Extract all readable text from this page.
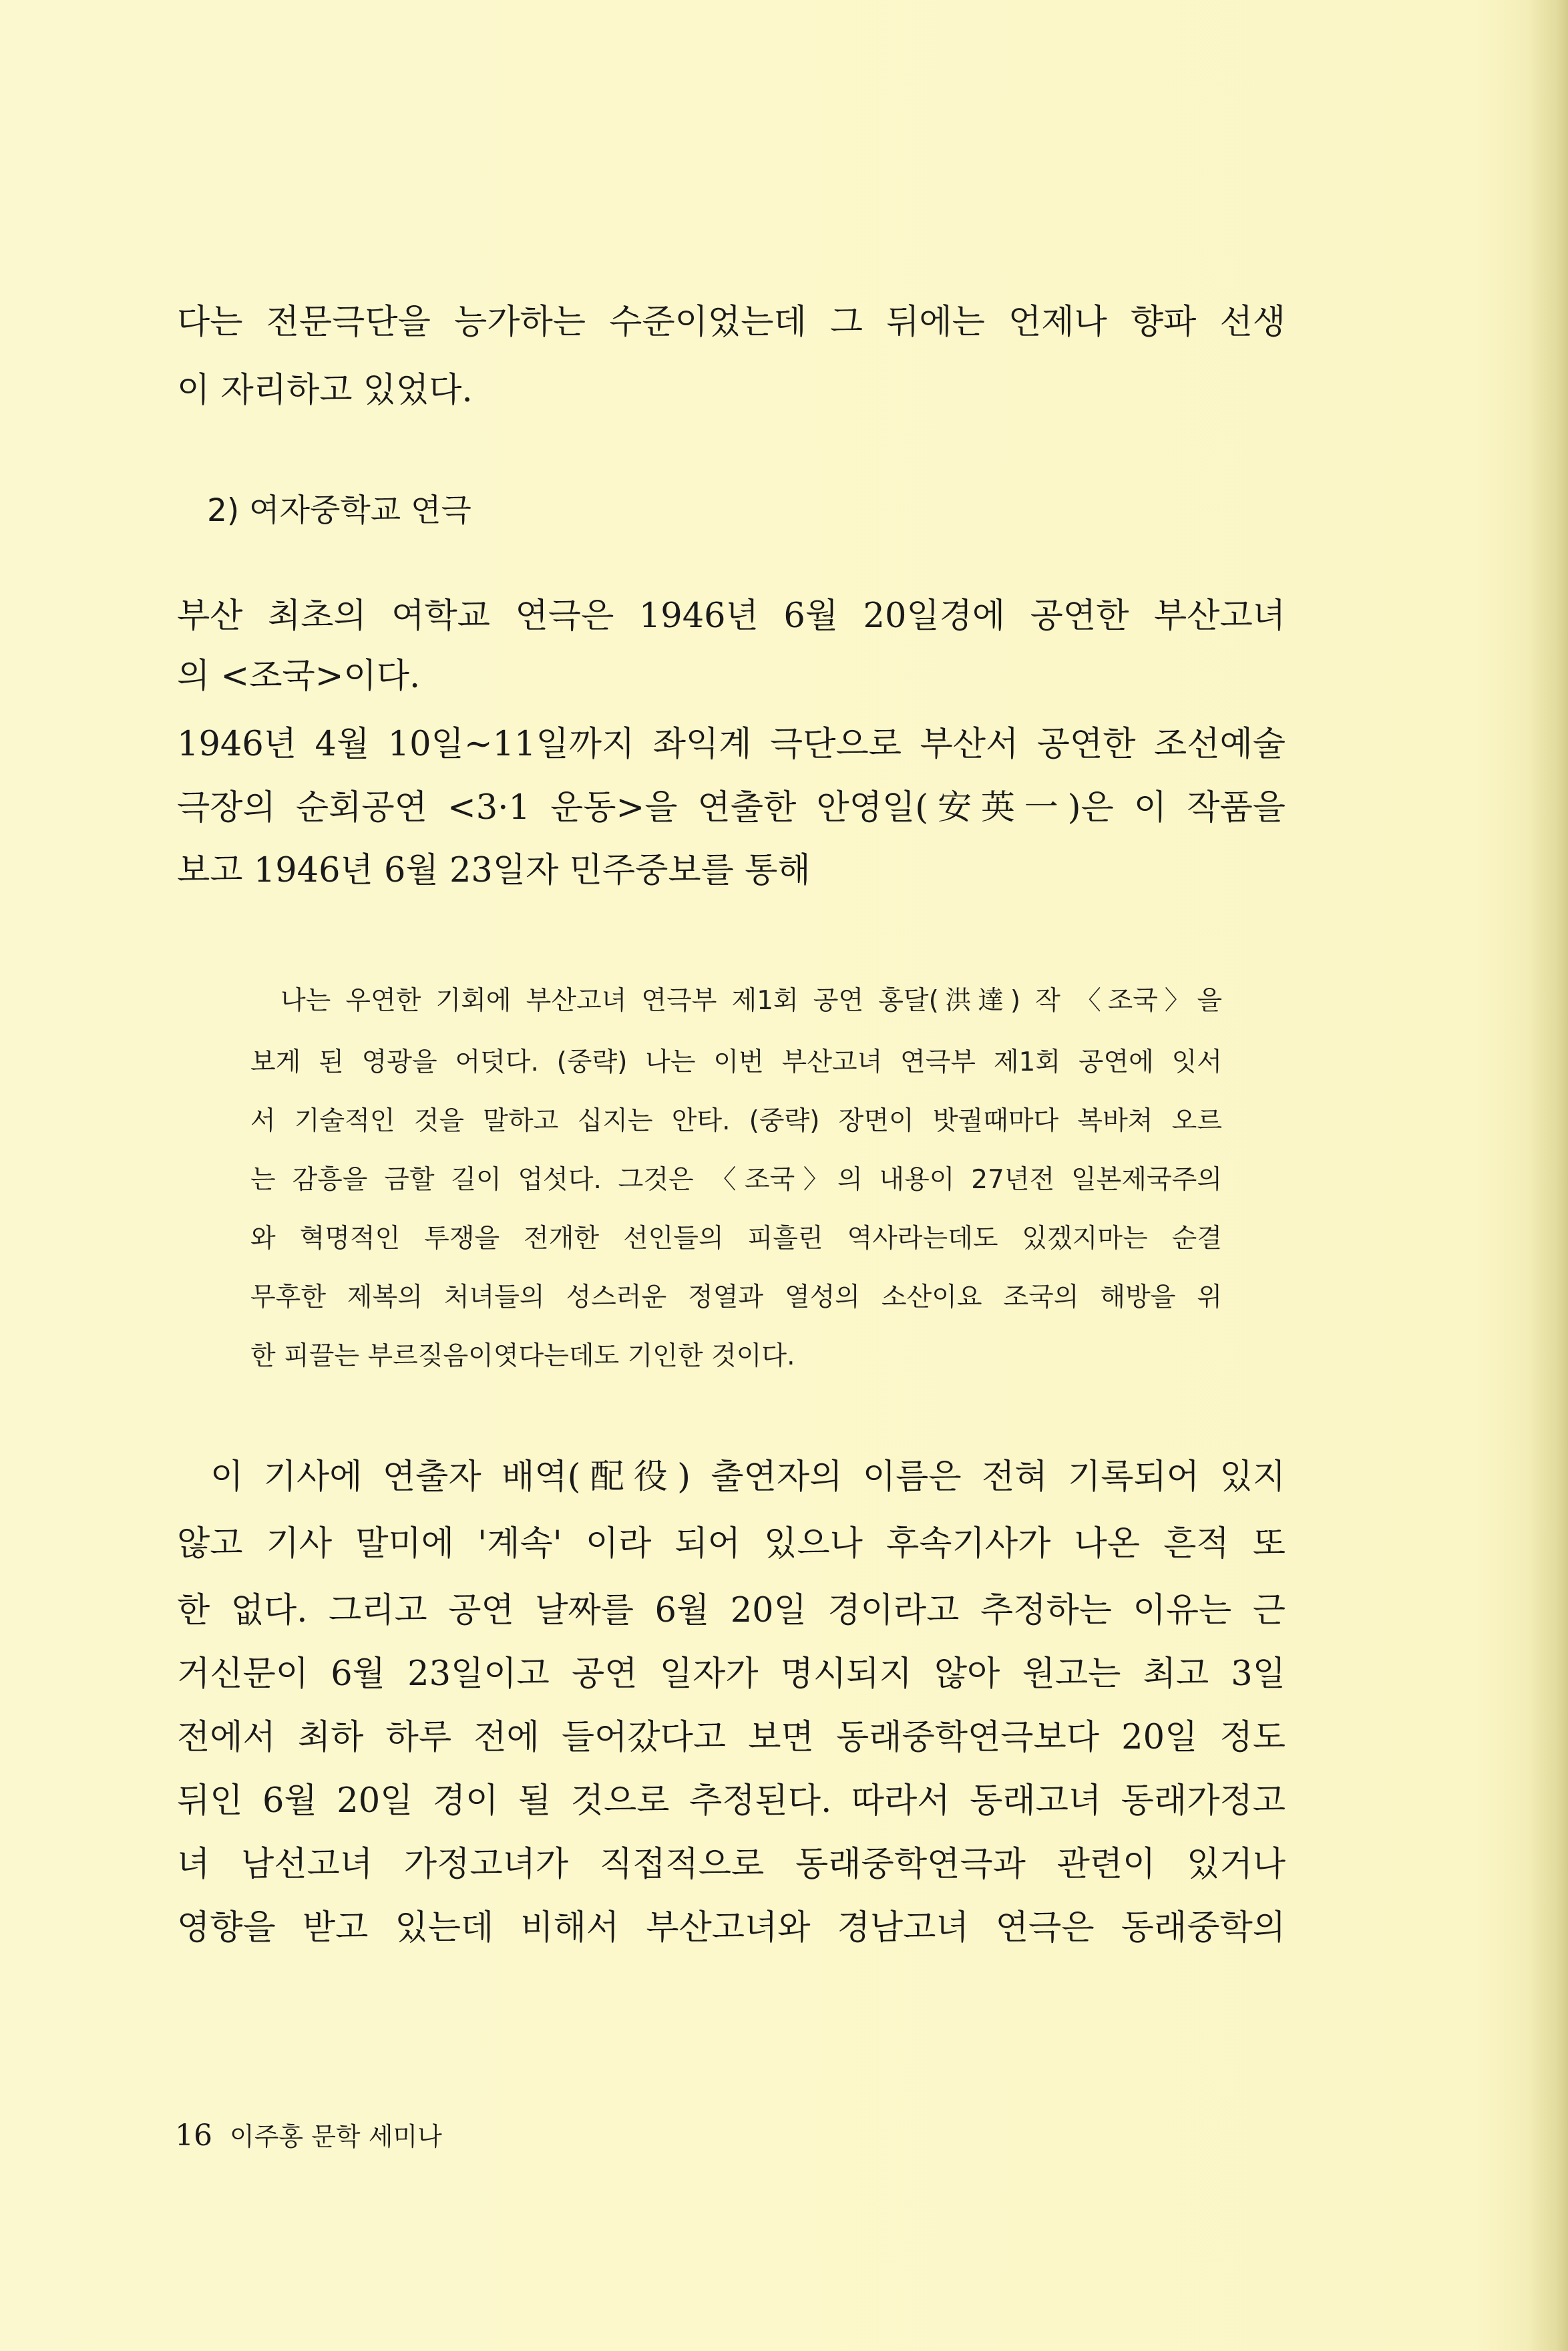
다는 전문극단을 능가하는 수준이었는데 그 뒤에는 언제나 향파 선생
이 자리하고 있었다.
2) 여자중학교 연극
부산 최초의 여학교 연극은 1946년 6월 20일경에 공연한 부산고녀
의 <조국>이다.
1946년 4월 10일~11일까지 좌익계 극단으로 부산서 공연한 조선예술
극장의 순회공연 <3·1 운동>을 연출한 안영일(安英一)은 이 작품을
보고 1946년 6월 23일자 민주중보를 통해
나는 우연한 기회에 부산고녀 연극부 제1회 공연 홍달(洪達) 작 〈조국〉을
보게 된 영광을 어덧다. (중략) 나는 이번 부산고녀 연극부 제1회 공연에 잇서
서 기술적인 것을 말하고 십지는 안타. (중략) 장면이 밧궐때마다 복바쳐 오르
는 감흥을 금할 길이 업섯다. 그것은 〈조국〉의 내용이 27년전 일본제국주의
와 혁명적인 투쟁을 전개한 선인들의 피흘린 역사라는데도 있겠지마는 순결
무후한 제복의 처녀들의 성스러운 정열과 열성의 소산이요 조국의 해방을 위
한 피끌는 부르짖음이엿다는데도 기인한 것이다.
이 기사에 연출자 배역(配役) 출연자의 이름은 전혀 기록되어 있지
않고 기사 말미에 '계속' 이라 되어 있으나 후속기사가 나온 흔적 또
한 없다. 그리고 공연 날짜를 6월 20일 경이라고 추정하는 이유는 근
거신문이 6월 23일이고 공연 일자가 명시되지 않아 원고는 최고 3일
전에서 최하 하루 전에 들어갔다고 보면 동래중학연극보다 20일 정도
뒤인 6월 20일 경이 될 것으로 추정된다. 따라서 동래고녀 동래가정고
녀 남선고녀 가정고녀가 직접적으로 동래중학연극과 관련이 있거나
영향을 받고 있는데 비해서 부산고녀와 경남고녀 연극은 동래중학의
16 이주홍 문학 세미나
